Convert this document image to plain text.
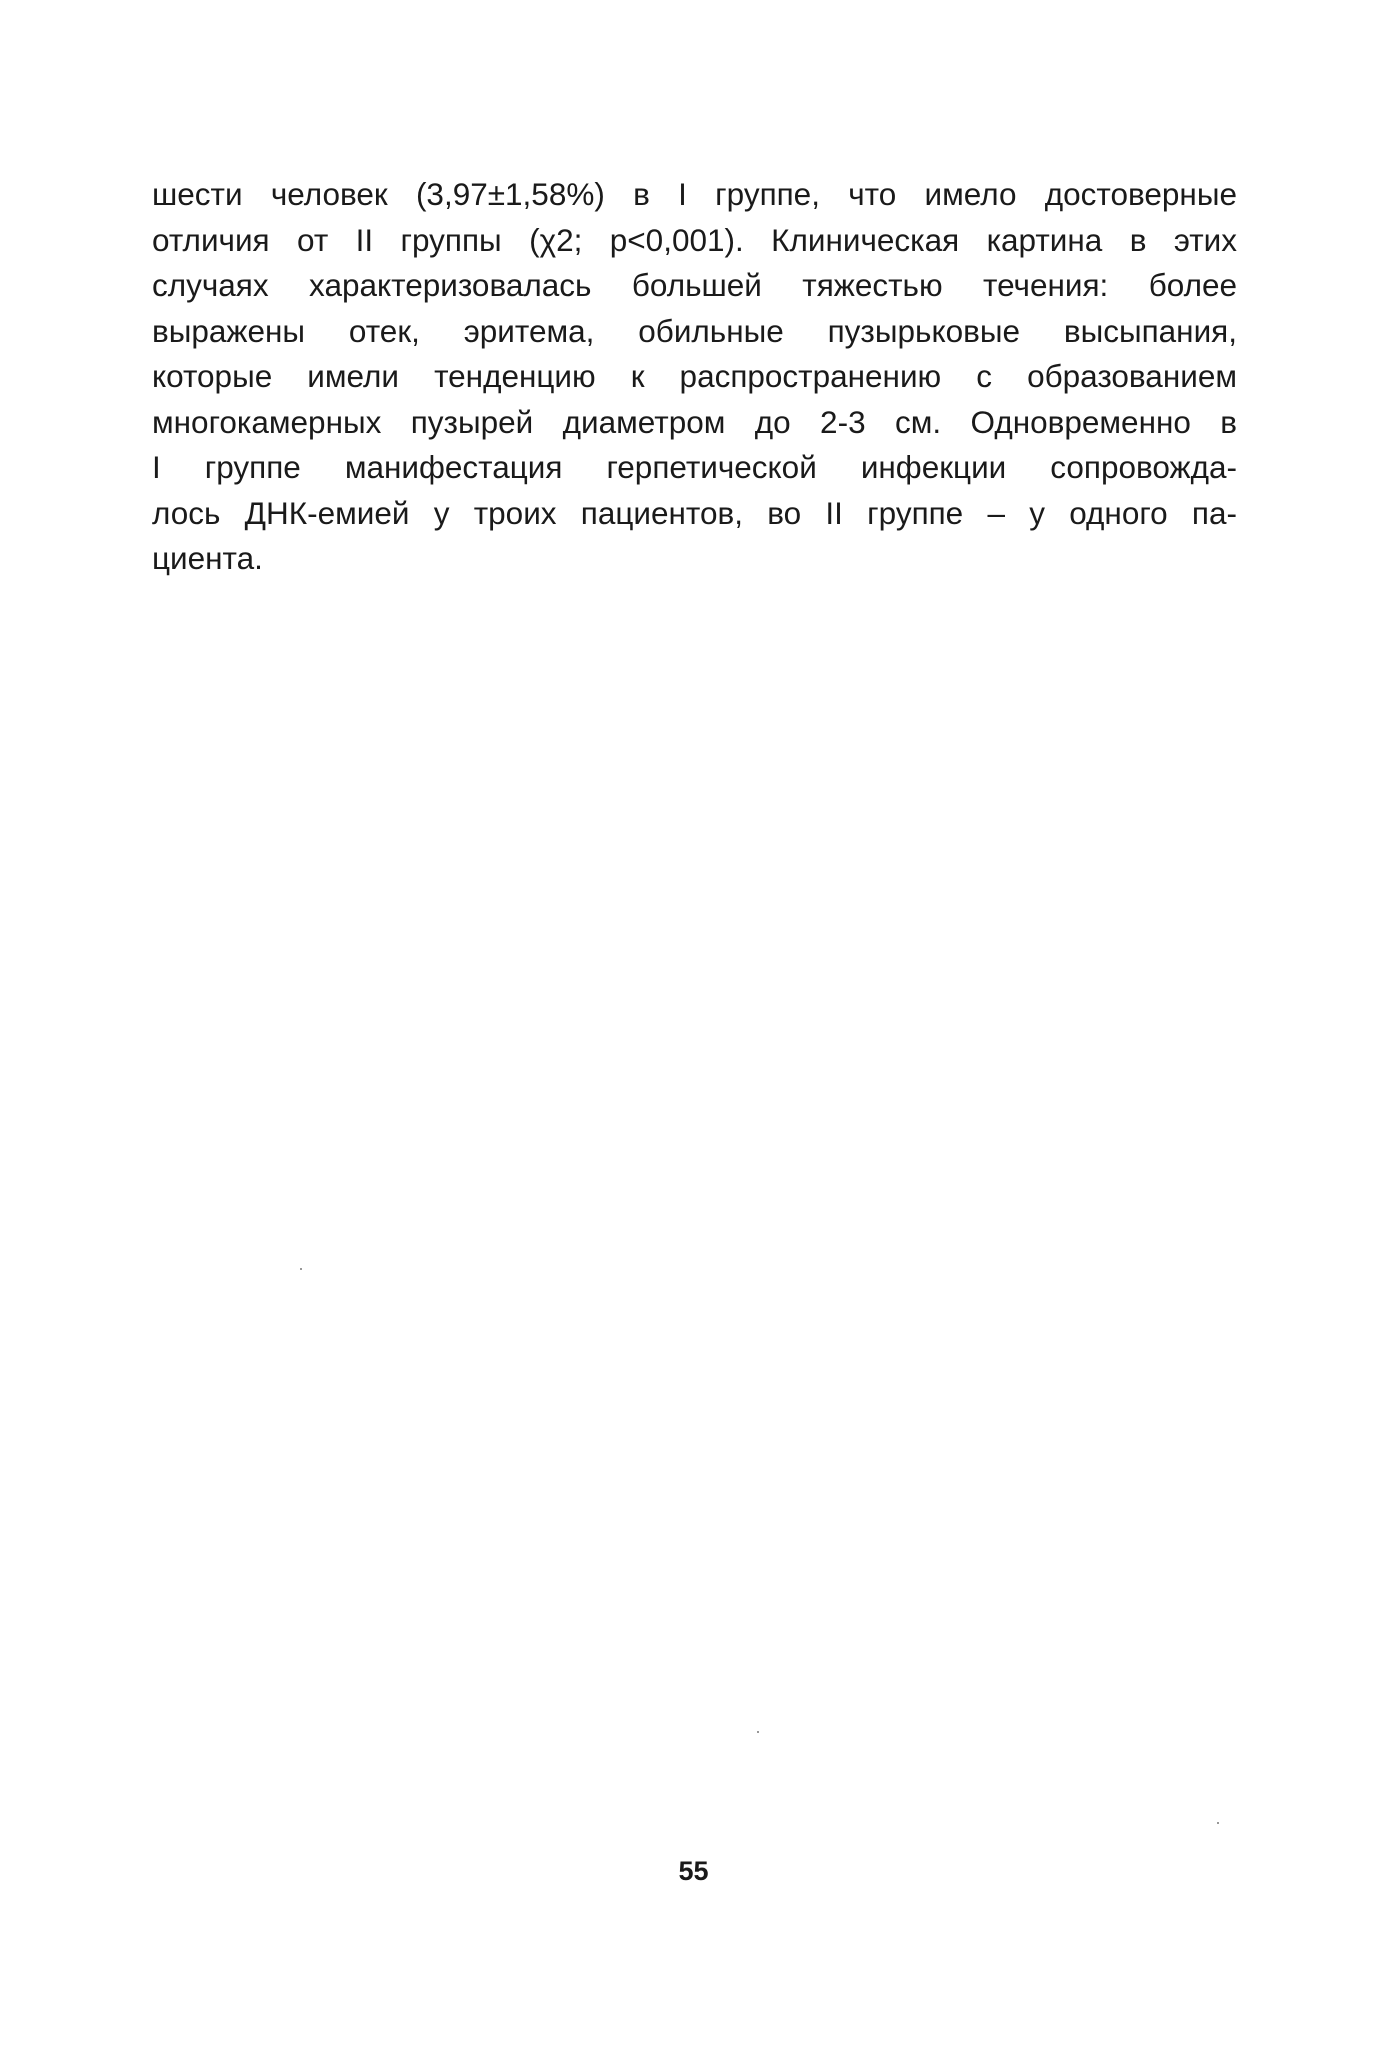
шести человек (3,97±1,58%) в I группе, что имело достоверные
отличия от II группы (χ2; p<0,001). Клиническая картина в этих
случаях характеризовалась большей тяжестью течения: более
выражены отек, эритема, обильные пузырьковые высыпания,
которые имели тенденцию к распространению с образованием
многокамерных пузырей диаметром до 2-3 см. Одновременно в
I группе манифестация герпетической инфекции сопровожда-
лось ДНК-емией у троих пациентов, во II группе – у одного па-
циента.
55
